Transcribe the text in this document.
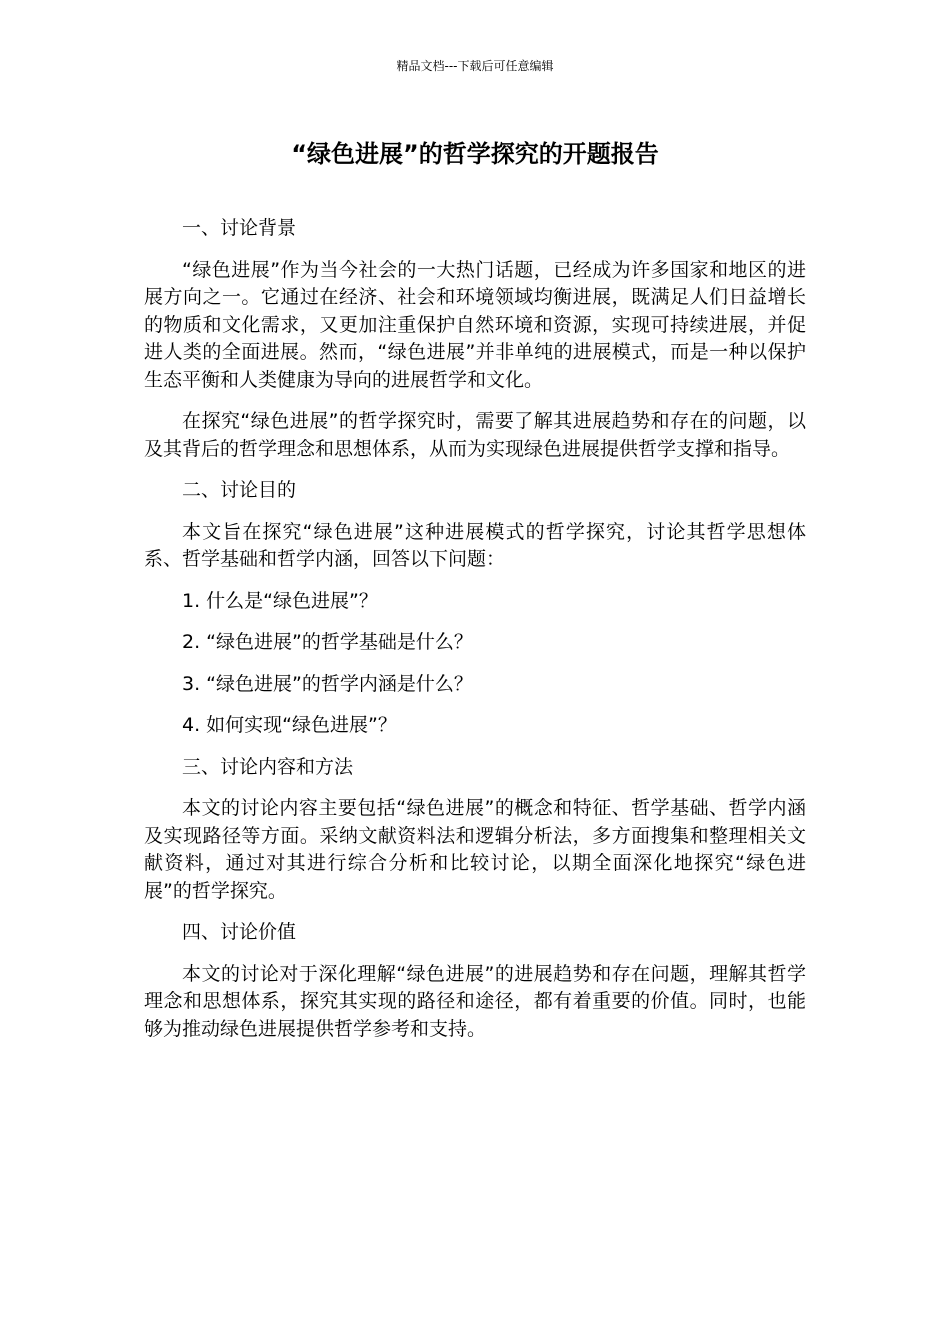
精品文档---下载后可任意编辑
“绿色进展”的哲学探究的开题报告

一、讨论背景

“绿色进展”作为当今社会的一大热门话题，已经成为许多国家和地区的进展方向之一。它通过在经济、社会和环境领域均衡进展，既满足人们日益增长的物质和文化需求，又更加注重保护自然环境和资源，实现可持续进展，并促进人类的全面进展。然而，“绿色进展”并非单纯的进展模式，而是一种以保护生态平衡和人类健康为导向的进展哲学和文化。

在探究“绿色进展”的哲学探究时，需要了解其进展趋势和存在的问题，以及其背后的哲学理念和思想体系，从而为实现绿色进展提供哲学支撑和指导。

二、讨论目的

本文旨在探究“绿色进展”这种进展模式的哲学探究，讨论其哲学思想体系、哲学基础和哲学内涵，回答以下问题：

1. 什么是“绿色进展”？

2. “绿色进展”的哲学基础是什么？

3. “绿色进展”的哲学内涵是什么？

4. 如何实现“绿色进展”？

三、讨论内容和方法

本文的讨论内容主要包括“绿色进展”的概念和特征、哲学基础、哲学内涵及实现路径等方面。采纳文献资料法和逻辑分析法，多方面搜集和整理相关文献资料，通过对其进行综合分析和比较讨论，以期全面深化地探究“绿色进展”的哲学探究。

四、讨论价值

本文的讨论对于深化理解“绿色进展”的进展趋势和存在问题，理解其哲学理念和思想体系，探究其实现的路径和途径，都有着重要的价值。同时，也能够为推动绿色进展提供哲学参考和支持。
